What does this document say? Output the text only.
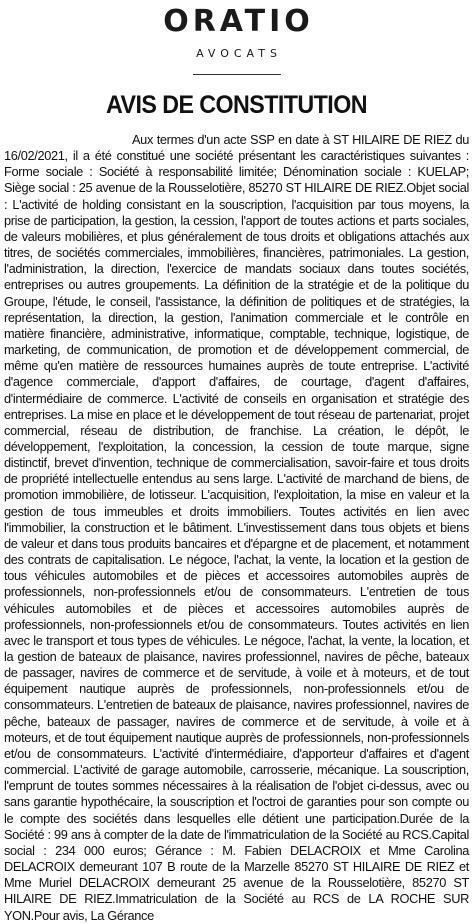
ORATIO
AVOCATS
AVIS DE CONSTITUTION

Aux termes d'un acte SSP en date à ST HILAIRE DE RIEZ du 16/02/2021, il a été constitué une société présentant les caractéristiques suivantes : Forme sociale : Société à responsabilité limitée; Dénomination sociale : KUELAP; Siège social : 25 avenue de la Rousselotière, 85270 ST HILAIRE DE RIEZ.Objet social : L'activité de holding consistant en la souscription, l'acquisition par tous moyens, la prise de participation, la gestion, la cession, l'apport de toutes actions et parts sociales, de valeurs mobilières, et plus généralement de tous droits et obligations attachés aux titres, de sociétés commerciales, immobilières, financières, patrimoniales. La gestion, l'administration, la direction, l'exercice de mandats sociaux dans toutes sociétés, entreprises ou autres groupements. La définition de la stratégie et de la politique du Groupe, l'étude, le conseil, l'assistance, la définition de politiques et de stratégies, la représentation, la direction, la gestion, l'animation commerciale et le contrôle en matière financière, administrative, informatique, comptable, technique, logistique, de marketing, de communication, de promotion et de développement commercial, de même qu'en matière de ressources humaines auprès de toute entreprise. L'activité d'agence commerciale, d'apport d'affaires, de courtage, d'agent d'affaires, d'intermédiaire de commerce. L'activité de conseils en organisation et stratégie des entreprises. La mise en place et le développement de tout réseau de partenariat, projet commercial, réseau de distribution, de franchise. La création, le dépôt, le développement, l'exploitation, la concession, la cession de toute marque, signe distinctif, brevet d'invention, technique de commercialisation, savoir-faire et tous droits de propriété intellectuelle entendus au sens large. L'activité de marchand de biens, de promotion immobilière, de lotisseur. L'acquisition, l'exploitation, la mise en valeur et la gestion de tous immeubles et droits immobiliers. Toutes activités en lien avec l'immobilier, la construction et le bâtiment. L'investissement dans tous objets et biens de valeur et dans tous produits bancaires et d'épargne et de placement, et notamment des contrats de capitalisation. Le négoce, l'achat, la vente, la location et la gestion de tous véhicules automobiles et de pièces et accessoires automobiles auprès de professionnels, non-professionnels et/ou de consommateurs. L'entretien de tous véhicules automobiles et de pièces et accessoires automobiles auprès de professionnels, non-professionnels et/ou de consommateurs. Toutes activités en lien avec le transport et tous types de véhicules. Le négoce, l'achat, la vente, la location, et la gestion de bateaux de plaisance, navires professionnel, navires de pêche, bateaux de passager, navires de commerce et de servitude, à voile et à moteurs, et de tout équipement nautique auprès de professionnels, non-professionnels et/ou de consommateurs. L'entretien de bateaux de plaisance, navires professionnel, navires de pêche, bateaux de passager, navires de commerce et de servitude, à voile et à moteurs, et de tout équipement nautique auprès de professionnels, non-professionnels et/ou de consommateurs. L'activité d'intermédiaire, d'apporteur d'affaires et d'agent commercial. L'activité de garage automobile, carrosserie, mécanique. La souscription, l'emprunt de toutes sommes nécessaires à la réalisation de l'objet ci-dessus, avec ou sans garantie hypothécaire, la souscription et l'octroi de garanties pour son compte ou le compte des sociétés dans lesquelles elle détient une participation.Durée de la Société : 99 ans à compter de la date de l'immatriculation de la Société au RCS.Capital social : 234 000 euros; Gérance : M. Fabien DELACROIX et Mme Carolina DELACROIX demeurant 107 B route de la Marzelle 85270 ST HILAIRE DE RIEZ et Mme Muriel DELACROIX demeurant 25 avenue de la Rousselotière, 85270 ST HILAIRE DE RIEZ.Immatriculation de la Société au RCS de LA ROCHE SUR YON.Pour avis, La Gérance
